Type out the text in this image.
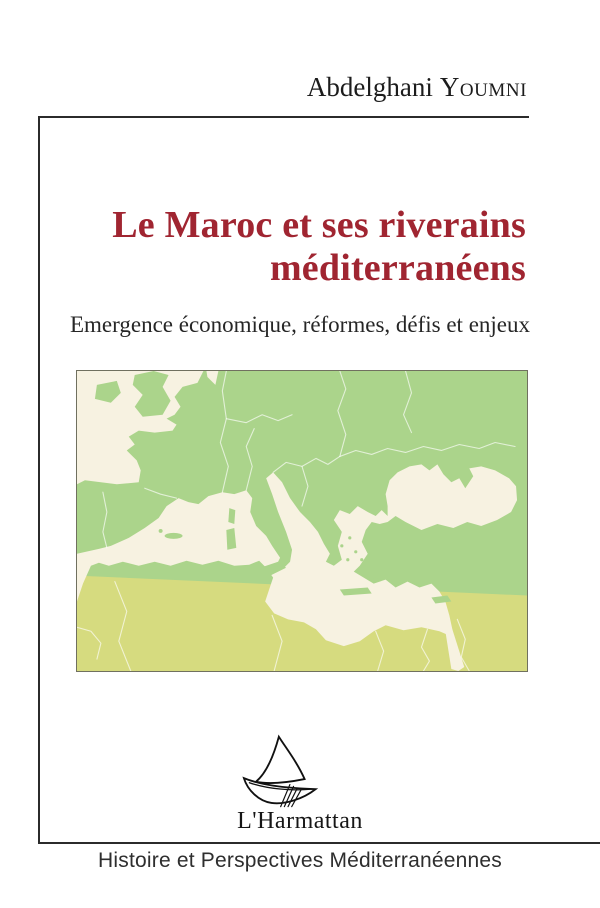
Abdelghani Youmni
Le Maroc et ses riverains
méditerranéens
Emergence économique, réformes, défis et enjeux
L'Harmattan
Histoire et Perspectives Méditerranéennes
